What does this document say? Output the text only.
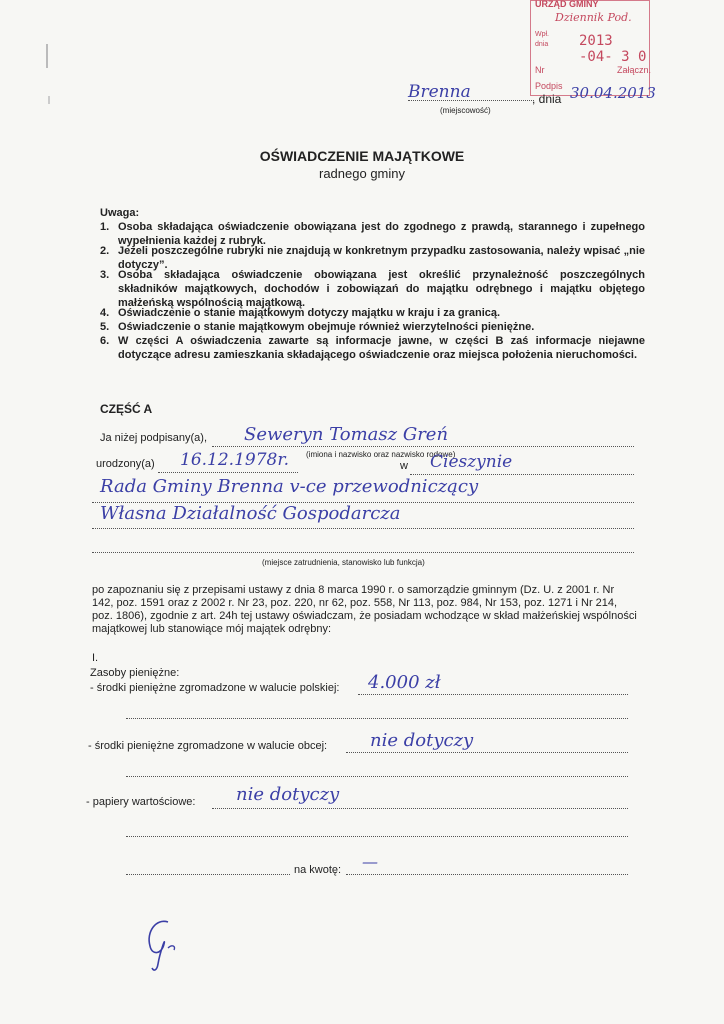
URZĄD GMINY
Dziennik Pod.
Wpł.
dnia 2013 -04- 3 0
Nr	Załączn.
Podpis
Brenna
(miejscowość)
, dnia 30.04.2013
OŚWIADCZENIE MAJĄTKOWE
radnego gminy
Uwaga:
1. Osoba składająca oświadczenie obowiązana jest do zgodnego z prawdą, starannego i zupełnego wypełnienia każdej z rubryk.
2. Jeżeli poszczególne rubryki nie znajdują w konkretnym przypadku zastosowania, należy wpisać „nie dotyczy”.
3. Osoba składająca oświadczenie obowiązana jest określić przynależność poszczególnych składników majątkowych, dochodów i zobowiązań do majątku odrębnego i majątku objętego małżeńską wspólnością majątkową.
4. Oświadczenie o stanie majątkowym dotyczy majątku w kraju i za granicą.
5. Oświadczenie o stanie majątkowym obejmuje również wierzytelności pieniężne.
6. W części A oświadczenia zawarte są informacje jawne, w części B zaś informacje niejawne dotyczące adresu zamieszkania składającego oświadczenie oraz miejsca położenia nieruchomości.
CZĘŚĆ A
Ja niżej podpisany(a), Seweryn Tomasz Greń
(imiona i nazwisko oraz nazwisko rodowe)
urodzony(a) 16.12.1978r.	w Cieszynie
Rada Gminy Brenna v-ce przewodniczący
Własna Działalność Gospodarcza
(miejsce zatrudnienia, stanowisko lub funkcja)
po zapoznaniu się z przepisami ustawy z dnia 8 marca 1990 r. o samorządzie gminnym (Dz. U. z 2001 r. Nr 142, poz. 1591 oraz z 2002 r. Nr 23, poz. 220, nr 62, poz. 558, Nr 113, poz. 984, Nr 153, poz. 1271 i Nr 214, poz. 1806), zgodnie z art. 24h tej ustawy oświadczam, że posiadam wchodzące w skład małżeńskiej wspólności majątkowej lub stanowiące mój majątek odrębny:
I.
Zasoby pieniężne:
- środki pieniężne zgromadzone w walucie polskiej: 4.000 zł
- środki pieniężne zgromadzone w walucie obcej: nie dotyczy
- papiery wartościowe: nie dotyczy
na kwotę: —
